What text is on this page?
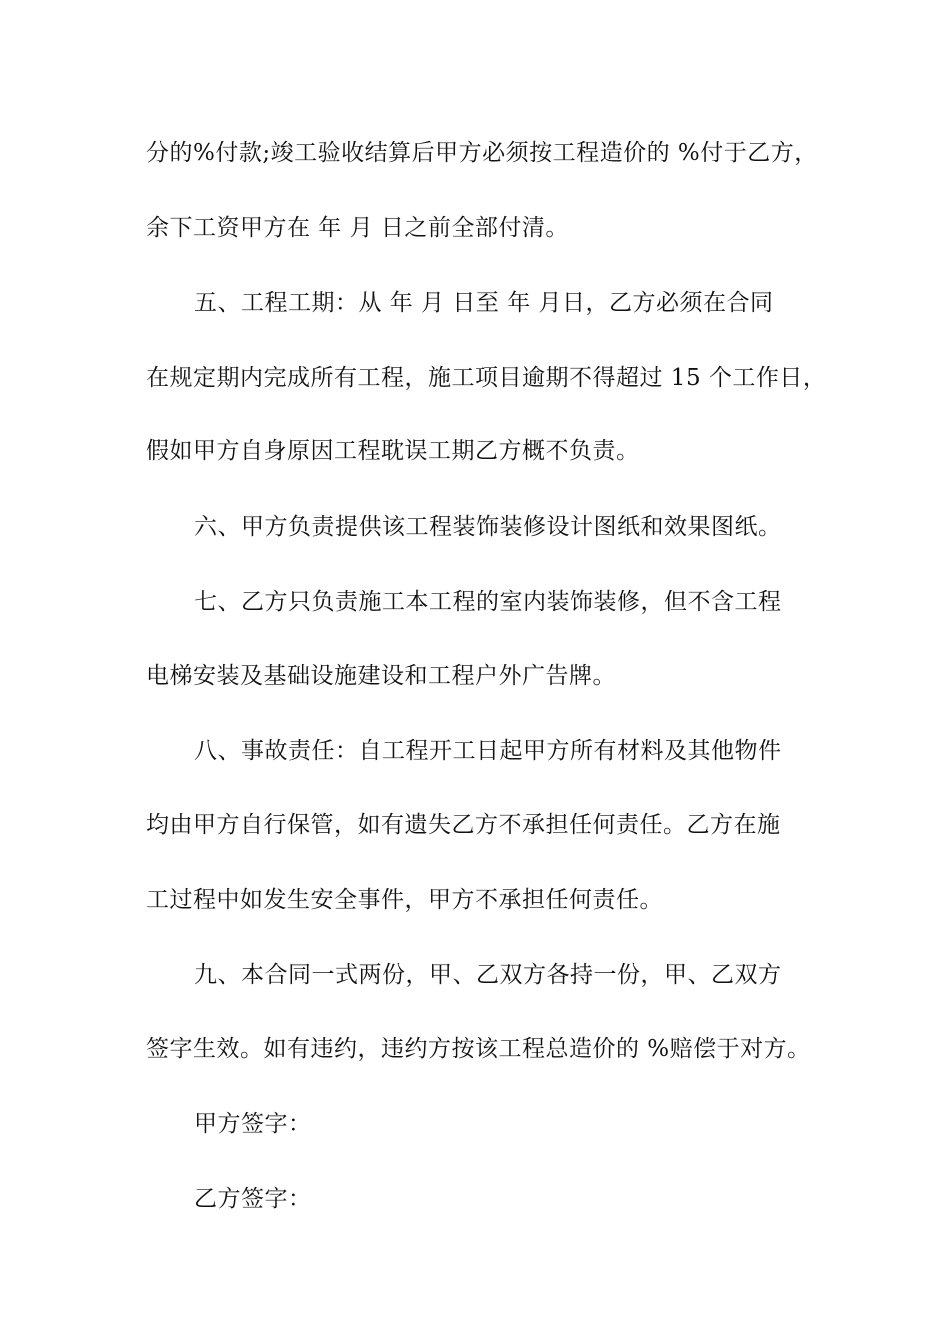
分的%付款;竣工验收结算后甲方必须按工程造价的 %付于乙方，
余下工资甲方在 年 月 日之前全部付清。
五、工程工期：从 年 月 日至 年 月日，乙方必须在合同
在规定期内完成所有工程，施工项目逾期不得超过 15 个工作日，
假如甲方自身原因工程耽误工期乙方概不负责。
六、甲方负责提供该工程装饰装修设计图纸和效果图纸。
七、乙方只负责施工本工程的室内装饰装修，但不含工程
电梯安装及基础设施建设和工程户外广告牌。
八、事故责任：自工程开工日起甲方所有材料及其他物件
均由甲方自行保管，如有遗失乙方不承担任何责任。乙方在施
工过程中如发生安全事件，甲方不承担任何责任。
九、本合同一式两份，甲、乙双方各持一份，甲、乙双方
签字生效。如有违约，违约方按该工程总造价的 %赔偿于对方。
甲方签字：
乙方签字：
